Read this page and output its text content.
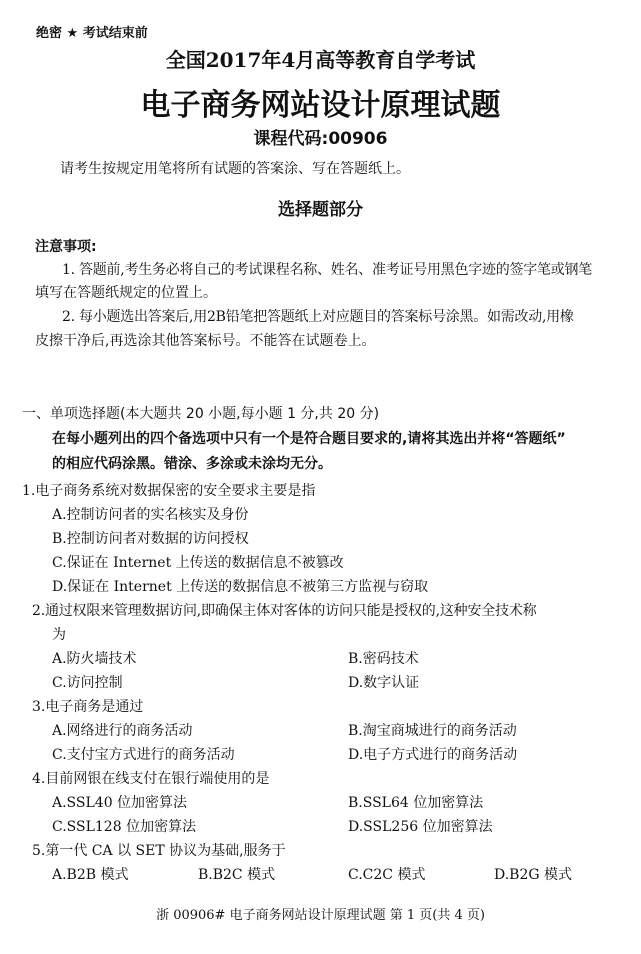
绝密 ★ 考试结束前
全国2017年4月高等教育自学考试
电子商务网站设计原理试题
课程代码:00906
请考生按规定用笔将所有试题的答案涂、写在答题纸上。
选择题部分
注意事项:
1. 答题前,考生务必将自己的考试课程名称、姓名、准考证号用黑色字迹的签字笔或钢笔
填写在答题纸规定的位置上。
2. 每小题选出答案后,用2B铅笔把答题纸上对应题目的答案标号涂黑。如需改动,用橡
皮擦干净后,再选涂其他答案标号。不能答在试题卷上。
一、单项选择题(本大题共 20 小题,每小题 1 分,共 20 分)
在每小题列出的四个备选项中只有一个是符合题目要求的,请将其选出并将“答题纸”
的相应代码涂黑。错涂、多涂或未涂均无分。
1.电子商务系统对数据保密的安全要求主要是指
A.控制访问者的实名核实及身份
B.控制访问者对数据的访问授权
C.保证在 Internet 上传送的数据信息不被篡改
D.保证在 Internet 上传送的数据信息不被第三方监视与窃取
2.通过权限来管理数据访问,即确保主体对客体的访问只能是授权的,这种安全技术称
为
A.防火墙技术	B.密码技术
C.访问控制	D.数字认证
3.电子商务是通过
A.网络进行的商务活动	B.淘宝商城进行的商务活动
C.支付宝方式进行的商务活动	D.电子方式进行的商务活动
4.目前网银在线支付在银行端使用的是
A.SSL40 位加密算法	B.SSL64 位加密算法
C.SSL128 位加密算法	D.SSL256 位加密算法
5.第一代 CA 以 SET 协议为基础,服务于
A.B2B 模式	B.B2C 模式	C.C2C 模式	D.B2G 模式
浙 00906# 电子商务网站设计原理试题 第 1 页(共 4 页)
